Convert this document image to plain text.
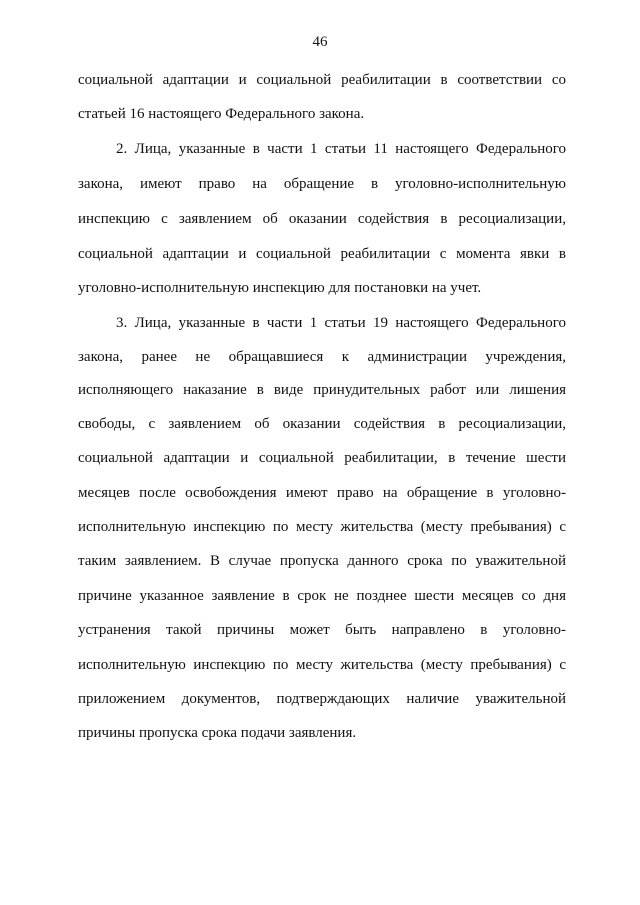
46
социальной адаптации и социальной реабилитации в соответствии со
статьей 16 настоящего Федерального закона.
2. Лица, указанные в части 1 статьи 11 настоящего Федерального
закона, имеют право на обращение в уголовно-исполнительную
инспекцию с заявлением об оказании содействия в ресоциализации,
социальной адаптации и социальной реабилитации с момента явки в
уголовно-исполнительную инспекцию для постановки на учет.
3. Лица, указанные в части 1 статьи 19 настоящего Федерального
закона, ранее не обращавшиеся к администрации учреждения,
исполняющего наказание в виде принудительных работ или лишения
свободы, с заявлением об оказании содействия в ресоциализации,
социальной адаптации и социальной реабилитации, в течение шести
месяцев после освобождения имеют право на обращение в уголовно-
исполнительную инспекцию по месту жительства (месту пребывания) с
таким заявлением. В случае пропуска данного срока по уважительной
причине указанное заявление в срок не позднее шести месяцев со дня
устранения такой причины может быть направлено в уголовно-
исполнительную инспекцию по месту жительства (месту пребывания) с
приложением документов, подтверждающих наличие уважительной
причины пропуска срока подачи заявления.
